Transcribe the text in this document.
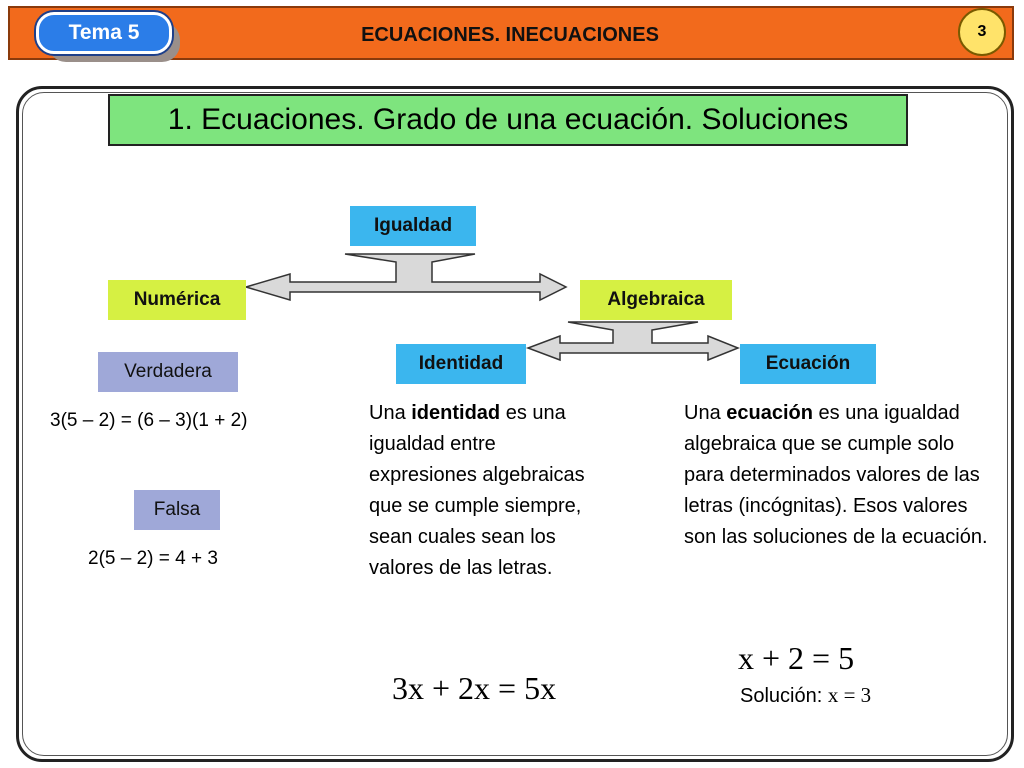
Tema 5	ECUACIONES. INECUACIONES	3
1. Ecuaciones. Grado de una ecuación. Soluciones
Igualdad
Numérica	Algebraica
Identidad	Ecuación
Verdadera
Falsa
3(5 – 2) = (6 – 3)(1 + 2)
2(5 – 2) = 4 + 3
Una identidad es una igualdad entre expresiones algebraicas que se cumple siempre, sean cuales sean los valores de las letras.
Una ecuación es una igualdad algebraica que se cumple solo para determinados valores de las letras (incógnitas). Esos valores son las soluciones de la ecuación.
3x + 2x = 5x
x + 2 = 5
Solución: x = 3
